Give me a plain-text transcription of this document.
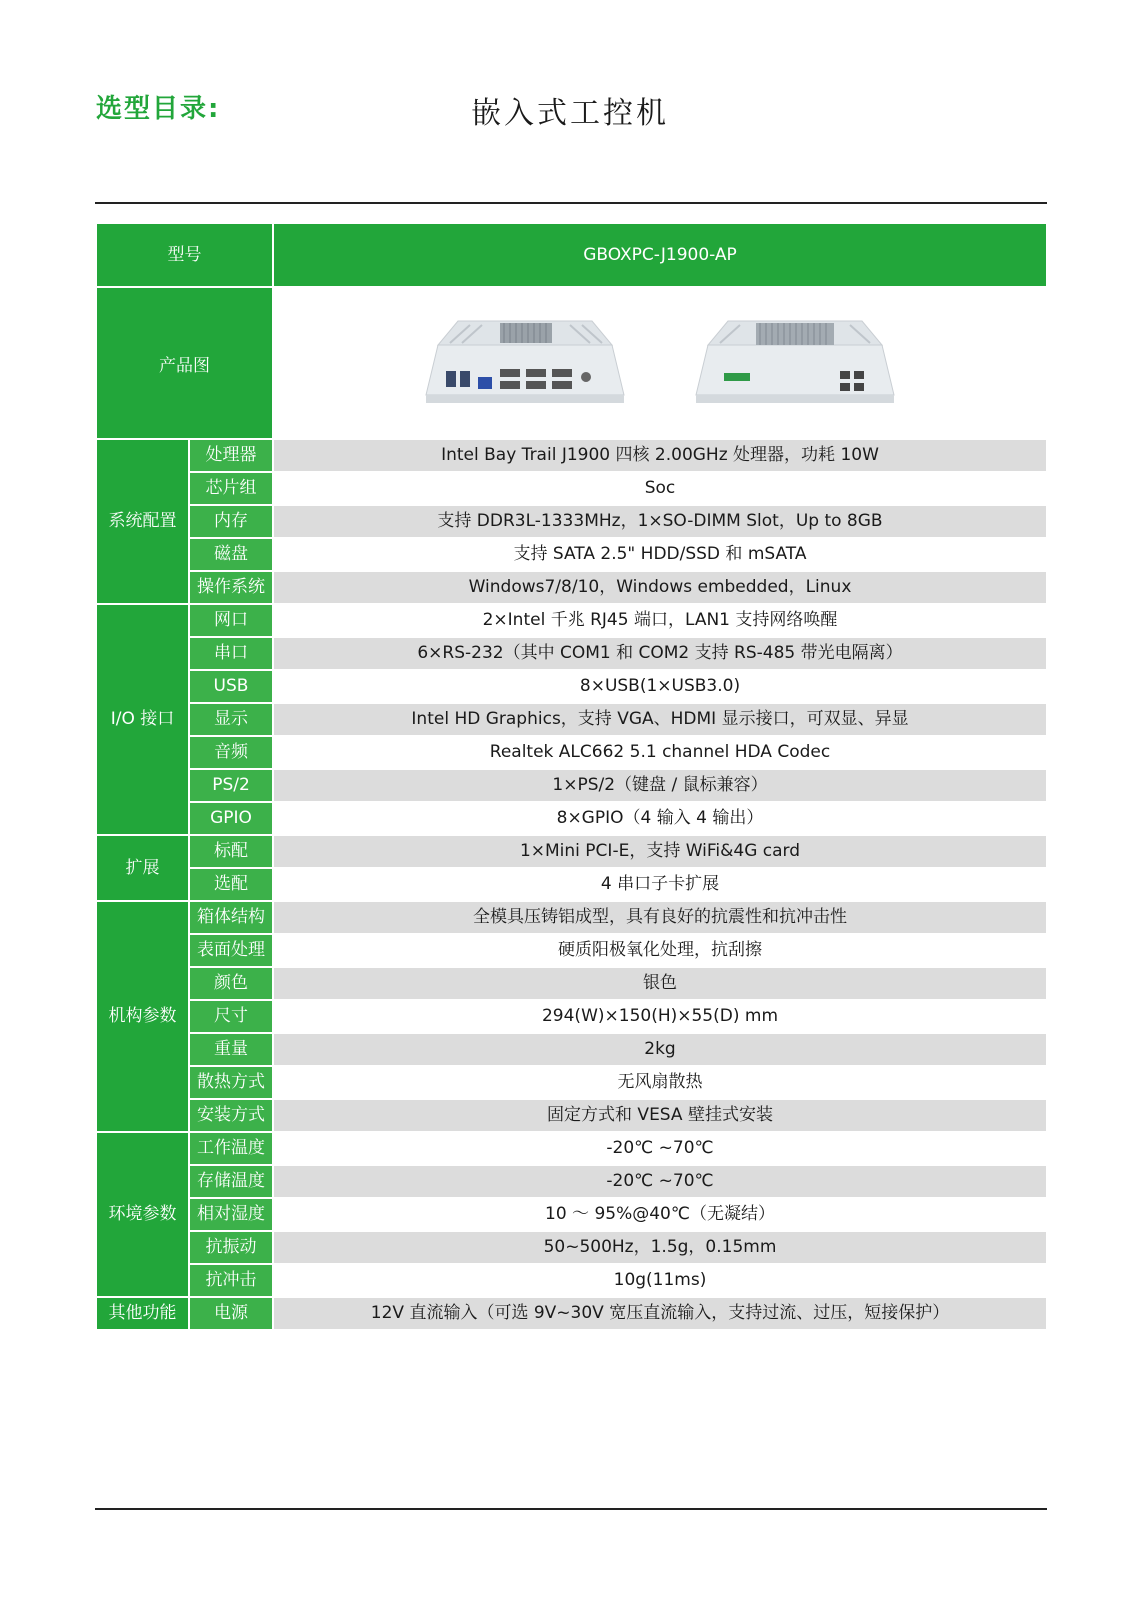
选型目录:	嵌入式工控机
型号		GBOXPC-J1900-AP
产品图	

系统配置	处理器	Intel Bay Trail J1900 四核 2.00GHz 处理器，功耗 10W
	芯片组	Soc
	内存	支持 DDR3L-1333MHz，1×SO-DIMM Slot，Up to 8GB
	磁盘	支持 SATA 2.5" HDD/SSD 和 mSATA
	操作系统	Windows7/8/10，Windows embedded，Linux
I/O 接口	网口	2×Intel 千兆 RJ45 端口，LAN1 支持网络唤醒
	串口	6×RS-232（其中 COM1 和 COM2 支持 RS-485 带光电隔离）
	USB	8×USB(1×USB3.0)
	显示	Intel HD Graphics，支持 VGA、HDMI 显示接口，可双显、异显
	音频	Realtek ALC662 5.1 channel HDA Codec
	PS/2	1×PS/2（键盘 / 鼠标兼容）
	GPIO	8×GPIO（4 输入 4 输出）
扩展	标配	1×Mini PCI-E，支持 WiFi&4G card
	选配	4 串口子卡扩展
机构参数	箱体结构	全模具压铸铝成型，具有良好的抗震性和抗冲击性
	表面处理	硬质阳极氧化处理，抗刮擦
	颜色	银色
	尺寸	294(W)×150(H)×55(D) mm
	重量	2kg
	散热方式	无风扇散热
	安装方式	固定方式和 VESA 壁挂式安装
环境参数	工作温度	-20℃ ~70℃
	存储温度	-20℃ ~70℃
	相对湿度	10 ～ 95%@40℃（无凝结）
	抗振动	50~500Hz，1.5g，0.15mm
	抗冲击	10g(11ms)
其他功能	电源	12V 直流输入（可选 9V~30V 宽压直流输入，支持过流、过压，短接保护）
